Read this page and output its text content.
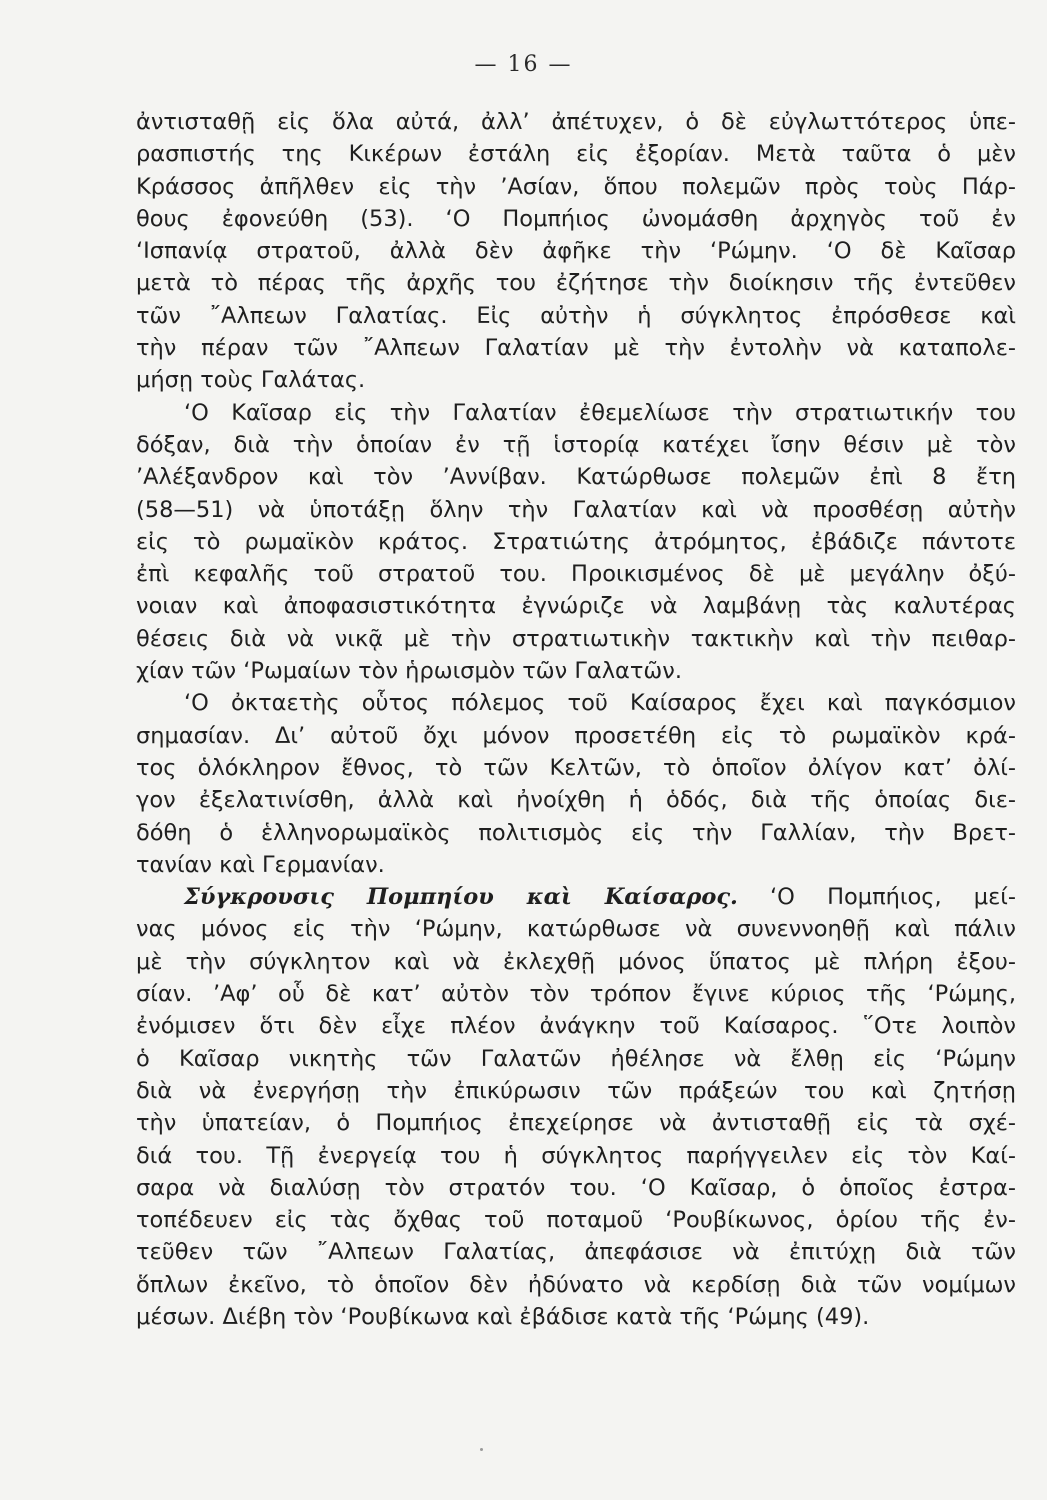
— 16 —

ἀντισταθῇ εἰς ὅλα αὐτά, ἀλλ’ ἀπέτυχεν, ὁ δὲ εὐγλωττότερος ὑπε-
ρασπιστής της Κικέρων ἐστάλη εἰς ἐξορίαν. Μετὰ ταῦτα ὁ μὲν
Κράσσος ἀπῆλθεν εἰς τὴν ’Ασίαν, ὅπου πολεμῶν πρὸς τοὺς Πάρ-
θους ἐφονεύθη (53). ‘Ο Πομπήιος ὠνομάσθη ἀρχηγὸς τοῦ ἐν
‘Ισπανίᾳ στρατοῦ, ἀλλὰ δὲν ἀφῆκε τὴν ‘Ρώμην. ‘Ο δὲ Καῖσαρ
μετὰ τὸ πέρας τῆς ἀρχῆς του ἐζήτησε τὴν διοίκησιν τῆς ἐντεῦθεν
τῶν ῎Αλπεων Γαλατίας. Εἰς αὐτὴν ἡ σύγκλητος ἐπρόσθεσε καὶ
τὴν πέραν τῶν ῎Αλπεων Γαλατίαν μὲ τὴν ἐντολὴν νὰ καταπολε-
μήσῃ τοὺς Γαλάτας.

‘Ο Καῖσαρ εἰς τὴν Γαλατίαν ἐθεμελίωσε τὴν στρατιωτικήν του
δόξαν, διὰ τὴν ὁποίαν ἐν τῇ ἱστορίᾳ κατέχει ἴσην θέσιν μὲ τὸν
’Αλέξανδρον καὶ τὸν ’Αννίβαν. Κατώρθωσε πολεμῶν ἐπὶ 8 ἔτη
(58—51) νὰ ὑποτάξῃ ὅλην τὴν Γαλατίαν καὶ νὰ προσθέσῃ αὐτὴν
εἰς τὸ ρωμαϊκὸν κράτος. Στρατιώτης ἀτρόμητος, ἐβάδιζε πάντοτε
ἐπὶ κεφαλῆς τοῦ στρατοῦ του. Προικισμένος δὲ μὲ μεγάλην ὀξύ-
νοιαν καὶ ἀποφασιστικότητα ἐγνώριζε νὰ λαμβάνῃ τὰς καλυτέρας
θέσεις διὰ νὰ νικᾷ μὲ τὴν στρατιωτικὴν τακτικὴν καὶ τὴν πειθαρ-
χίαν τῶν ‘Ρωμαίων τὸν ἡρωισμὸν τῶν Γαλατῶν.

‘Ο ὀκταετὴς οὗτος πόλεμος τοῦ Καίσαρος ἔχει καὶ παγκόσμιον
σημασίαν. Δι’ αὐτοῦ ὄχι μόνον προσετέθη εἰς τὸ ρωμαϊκὸν κρά-
τος ὁλόκληρον ἔθνος, τὸ τῶν Κελτῶν, τὸ ὁποῖον ὀλίγον κατ’ ὀλί-
γον ἐξελατινίσθη, ἀλλὰ καὶ ἠνοίχθη ἡ ὁδός, διὰ τῆς ὁποίας διε-
δόθη ὁ ἑλληνορωμαϊκὸς πολιτισμὸς εἰς τὴν Γαλλίαν, τὴν Βρετ-
τανίαν καὶ Γερμανίαν.

Σύγκρουσις Πομπηίου καὶ Καίσαρος. ‘Ο Πομπήιος, μεί-
νας μόνος εἰς τὴν ‘Ρώμην, κατώρθωσε νὰ συνεννοηθῇ καὶ πάλιν
μὲ τὴν σύγκλητον καὶ νὰ ἐκλεχθῇ μόνος ὕπατος μὲ πλήρη ἐξου-
σίαν. ’Αφ’ οὗ δὲ κατ’ αὐτὸν τὸν τρόπον ἔγινε κύριος τῆς ‘Ρώμης,
ἐνόμισεν ὅτι δὲν εἶχε πλέον ἀνάγκην τοῦ Καίσαρος. ῞Οτε λοιπὸν
ὁ Καῖσαρ νικητὴς τῶν Γαλατῶν ἠθέλησε νὰ ἔλθῃ εἰς ‘Ρώμην
διὰ νὰ ἐνεργήσῃ τὴν ἐπικύρωσιν τῶν πράξεών του καὶ ζητήσῃ
τὴν ὑπατείαν, ὁ Πομπήιος ἐπεχείρησε νὰ ἀντισταθῇ εἰς τὰ σχέ-
διά του. Τῇ ἐνεργείᾳ του ἡ σύγκλητος παρήγγειλεν εἰς τὸν Καί-
σαρα νὰ διαλύσῃ τὸν στρατόν του. ‘Ο Καῖσαρ, ὁ ὁποῖος ἐστρα-
τοπέδευεν εἰς τὰς ὄχθας τοῦ ποταμοῦ ‘Ρουβίκωνος, ὁρίου τῆς ἐν-
τεῦθεν τῶν ῎Αλπεων Γαλατίας, ἀπεφάσισε νὰ ἐπιτύχῃ διὰ τῶν
ὅπλων ἐκεῖνο, τὸ ὁποῖον δὲν ἠδύνατο νὰ κερδίσῃ διὰ τῶν νομίμων
μέσων. Διέβη τὸν ‘Ρουβίκωνα καὶ ἐβάδισε κατὰ τῆς ‘Ρώμης (49).
